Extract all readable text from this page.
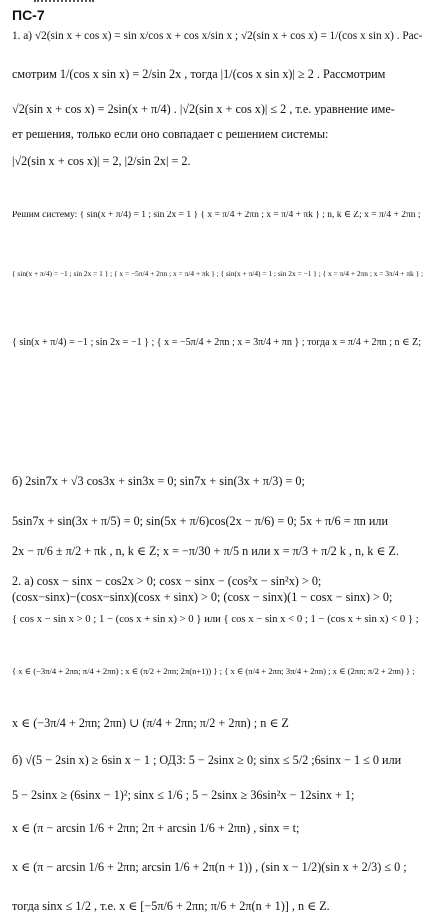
ПС-7
1. а) √2(sin x + cos x) = sin x/cos x + cos x/sin x ; √2(sin x + cos x) = 1/(cos x sin x) . Рас-
смотрим 1/(cos x sin x) = 2/sin 2x , тогда |1/(cos x sin x)| ≥ 2 . Рассмотрим
√2(sin x + cos x) = 2sin(x + π/4) . |√2(sin x + cos x)| ≤ 2 , т.е. уравнение име-
ет решения, только если оно совпадает с решением системы:
|√2(sin x + cos x)| = 2, |2/sin 2x| = 2.
Решим систему: { sin(x + π/4) = 1 ; sin 2x = 1 } { x = π/4 + 2πn ; x = π/4 + πk } ; n, k ∈ Z; x = π/4 + 2πn ;
{ sin(x + π/4) = −1 ; sin 2x = 1 } ; { x = −5π/4 + 2πn ; x = π/4 + πk } ; { sin(x + π/4) = 1 ; sin 2x = −1 } ; { x = π/4 + 2πn ; x = 3π/4 + πk } ;
{ sin(x + π/4) = −1 ; sin 2x = −1 } ; { x = −5π/4 + 2πn ; x = 3π/4 + πn } ; тогда x = π/4 + 2πn ; n ∈ Z;
б) 2sin7x + √3 cos3x + sin3x = 0; sin7x + sin(3x + π/3) = 0;
5sin7x + sin(3x + π/5) = 0; sin(5x + π/6)cos(2x − π/6) = 0; 5x + π/6 = πn или
2x − π/6 ± π/2 + πk , n, k ∈ Z; x = −π/30 + π/5 n или x = π/3 + π/2 k , n, k ∈ Z.
2. а) cosx − sinx − cos2x > 0; cosx − sinx − (cos²x − sin²x) > 0;
(cosx−sinx)−(cosx−sinx)(cosx + sinx) > 0; (cosx − sinx)(1 − cosx − sinx) > 0;
{ cos x − sin x > 0 ; 1 − (cos x + sin x) > 0 } или { cos x − sin x < 0 ; 1 − (cos x + sin x) < 0 } ;
{ x ∈ (−3π/4 + 2πn; π/4 + 2πn) ; x ∈ (π/2 + 2πn; 2π(n+1)) } ; { x ∈ (π/4 + 2πn; 3π/4 + 2πn) ; x ∈ (2πn; π/2 + 2πn) } ;
x ∈ (−3π/4 + 2πn; 2πn) ∪ (π/4 + 2πn; π/2 + 2πn) ; n ∈ Z
б) √(5 − 2sin x) ≥ 6sin x − 1 ; ОДЗ: 5 − 2sinx ≥ 0; sinx ≤ 5/2 ;6sinx − 1 ≤ 0 или
5 − 2sinx ≥ (6sinx − 1)²; sinx ≤ 1/6 ; 5 − 2sinx ≥ 36sin²x − 12sinx + 1;
x ∈ (π − arcsin 1/6 + 2πn; 2π + arcsin 1/6 + 2πn) , sinx = t;
x ∈ (π − arcsin 1/6 + 2πn; arcsin 1/6 + 2π(n + 1)) , (sin x − 1/2)(sin x + 2/3) ≤ 0 ;
тогда sinx ≤ 1/2 , т.е. x ∈ [−5π/6 + 2πn; π/6 + 2π(n + 1)] , n ∈ Z.
